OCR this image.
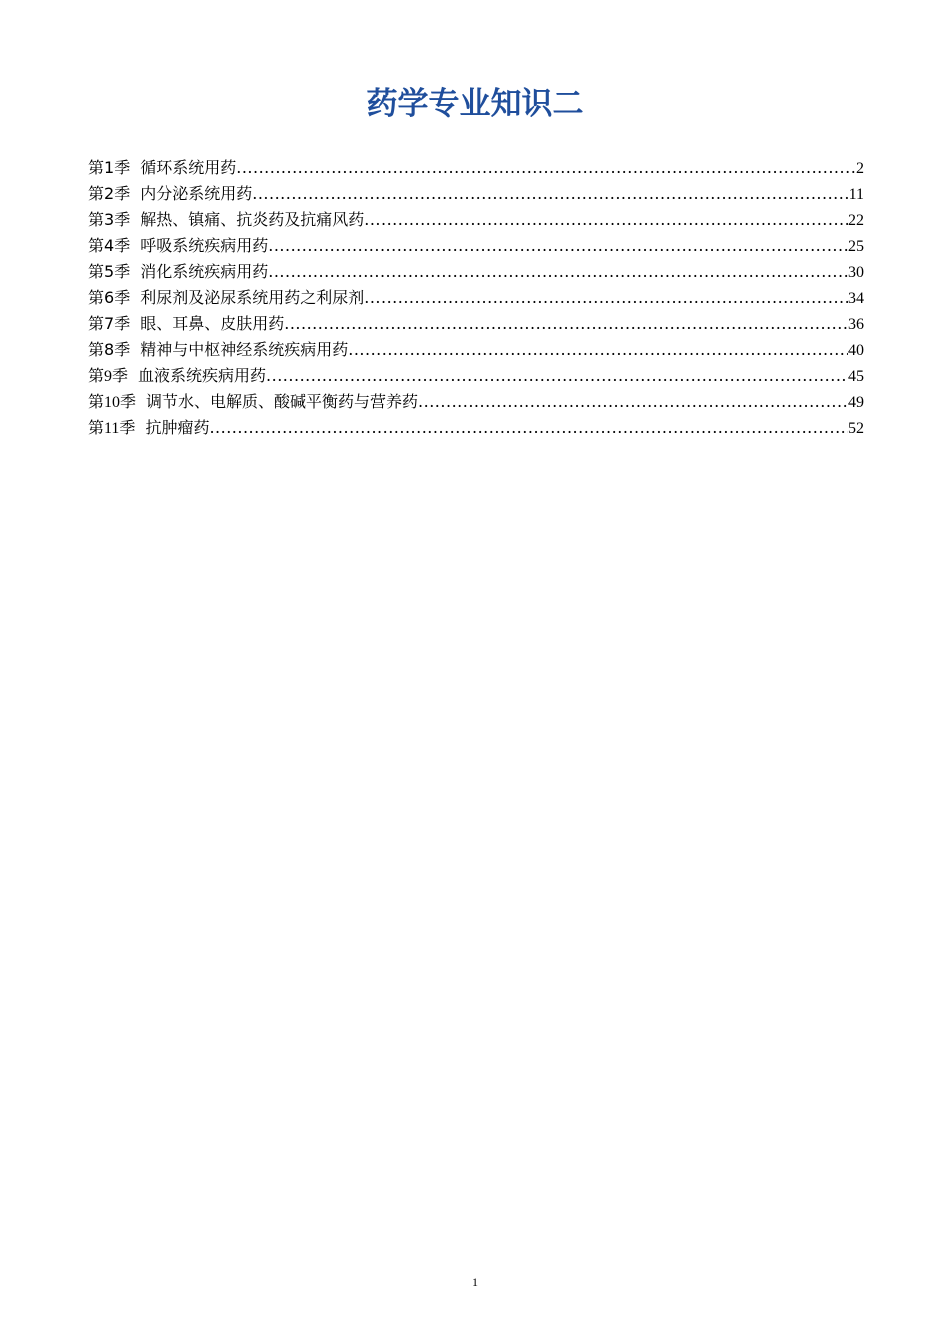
药学专业知识二
第1季 循环系统用药 .....	2
第2季 内分泌系统用药 .....	11
第3季 解热、镇痛、抗炎药及抗痛风药 .....	22
第4季 呼吸系统疾病用药 .....	25
第5季 消化系统疾病用药 .....	30
第6季 利尿剂及泌尿系统用药之利尿剂 .....	34
第7季 眼、耳鼻、皮肤用药 .....	36
第8季 精神与中枢神经系统疾病用药 .....	40
第9季 血液系统疾病用药 .....	45
第10季 调节水、电解质、酸碱平衡药与营养药 .....	49
第11季 抗肿瘤药 .....	52
1
